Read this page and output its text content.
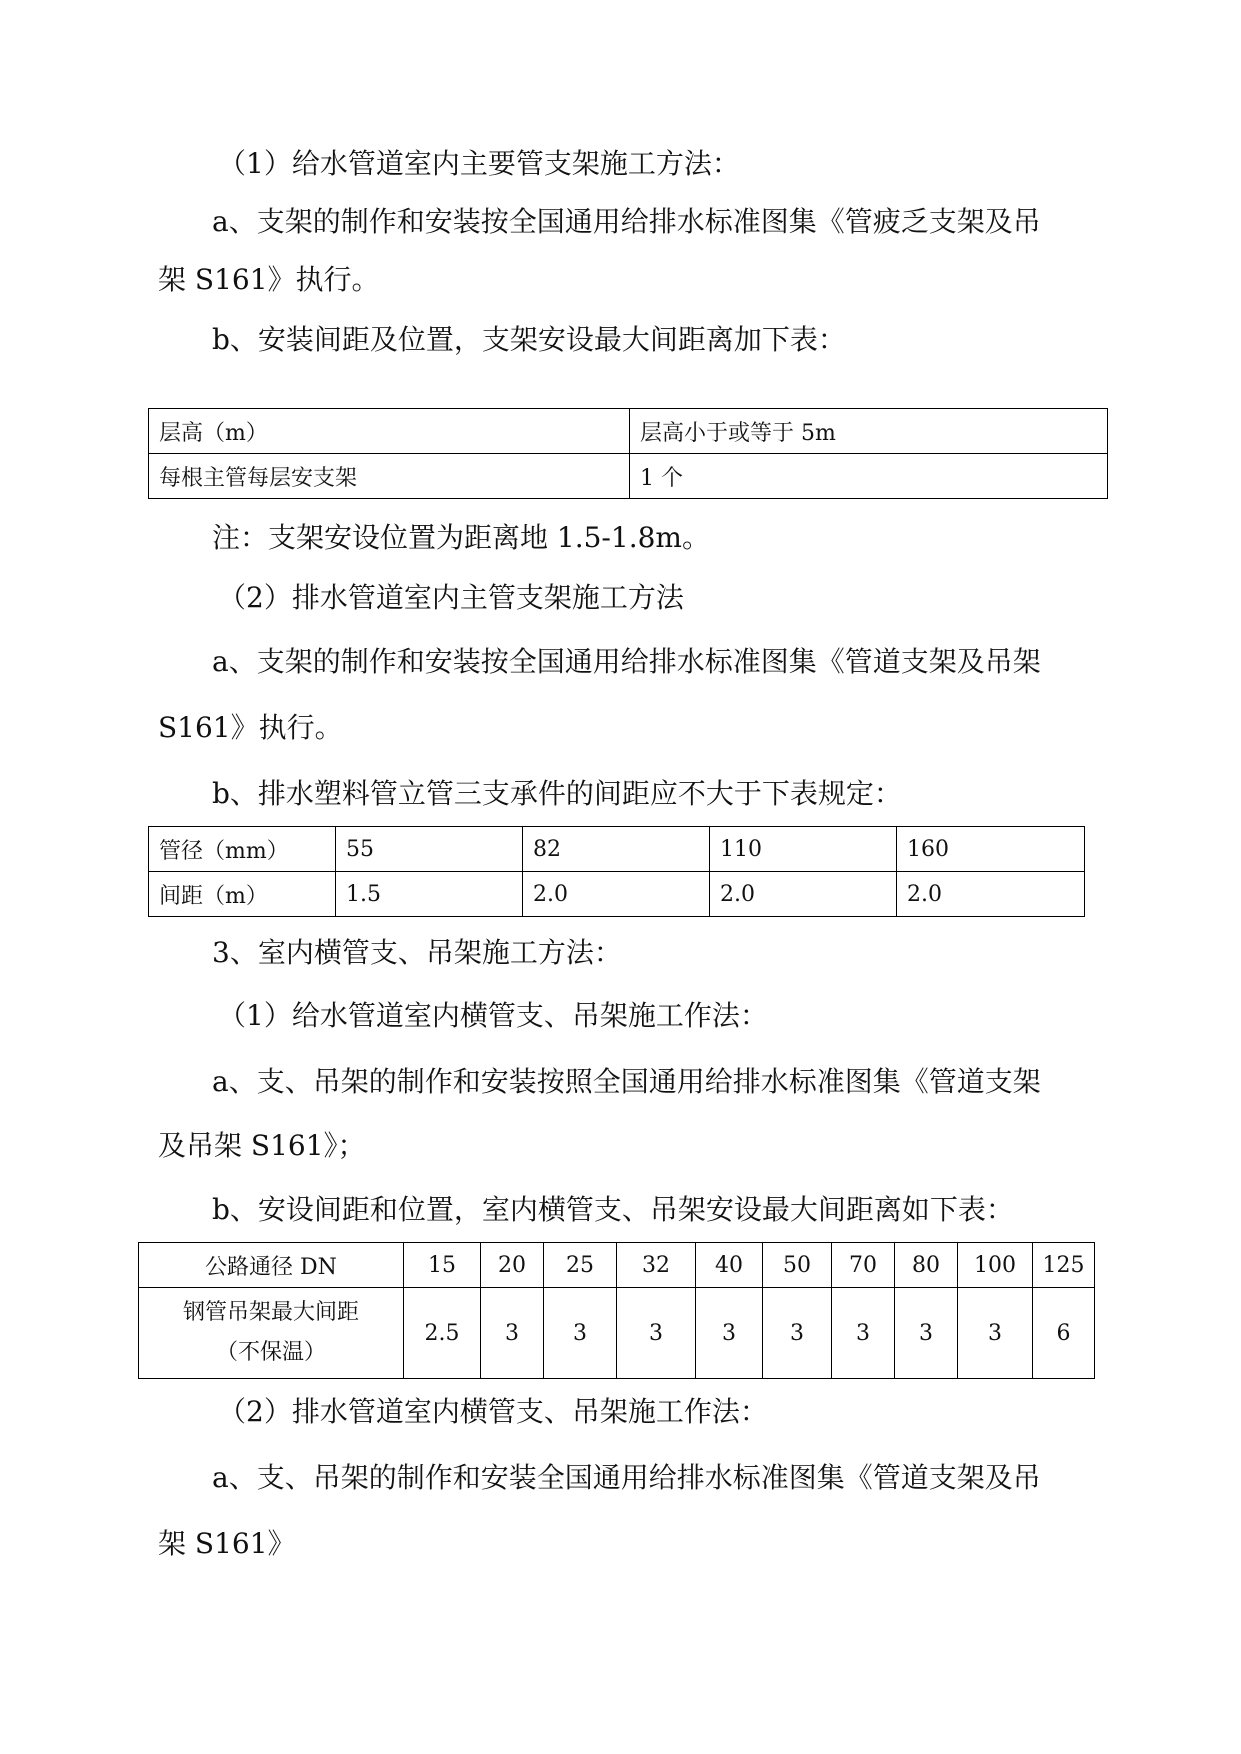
（1）给水管道室内主要管支架施工方法：
a、支架的制作和安装按全国通用给排水标准图集《管疲乏支架及吊
架 S161》执行。
b、安装间距及位置，支架安设最大间距离加下表：
层高（m）	层高小于或等于 5m
每根主管每层安支架	1 个
注：支架安设位置为距离地 1.5-1.8m。
（2）排水管道室内主管支架施工方法
a、支架的制作和安装按全国通用给排水标准图集《管道支架及吊架
S161》执行。
b、排水塑料管立管三支承件的间距应不大于下表规定：
管径（mm）	55	82	110	160
间距（m）	1.5	2.0	2.0	2.0
3、室内横管支、吊架施工方法：
（1）给水管道室内横管支、吊架施工作法：
a、支、吊架的制作和安装按照全国通用给排水标准图集《管道支架
及吊架 S161》；
b、安设间距和位置，室内横管支、吊架安设最大间距离如下表：
公路通径 DN	15	20	25	32	40	50	70	80	100	125

钢管吊架最大间距
（不保温）	2.5	3	3	3	3	3	3	3	3	6
（2）排水管道室内横管支、吊架施工作法：
a、支、吊架的制作和安装全国通用给排水标准图集《管道支架及吊
架 S161》
